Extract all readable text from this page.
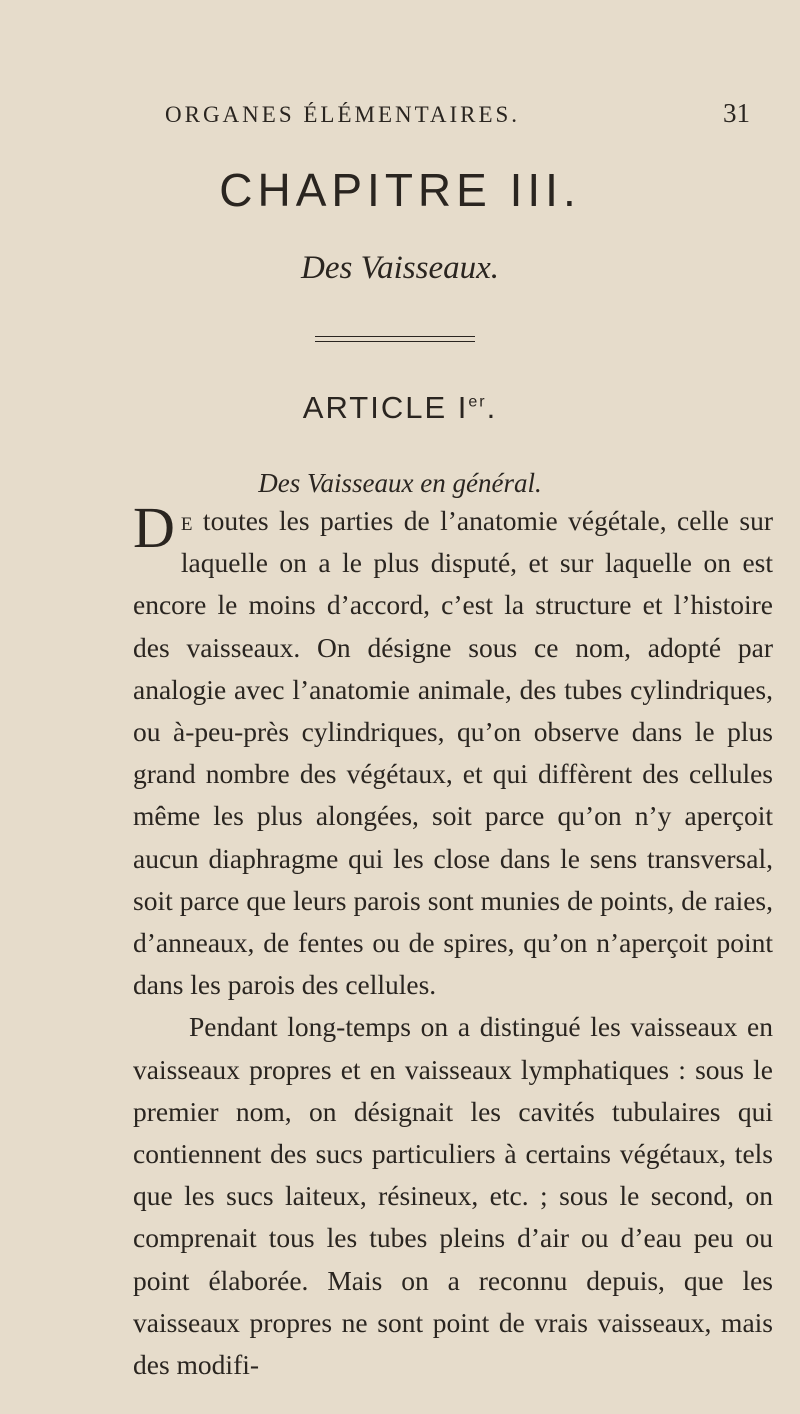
ORGANES ÉLÉMENTAIRES.	31
CHAPITRE III.
Des Vaisseaux.
ARTICLE Ier.
Des Vaisseaux en général.

De toutes les parties de l’anatomie végétale, celle sur laquelle on a le plus disputé, et sur laquelle on est encore le moins d’accord, c’est la structure et l’histoire des vaisseaux. On désigne sous ce nom, adopté par analogie avec l’anatomie animale, des tubes cylindriques, ou à-peu-près cylindriques, qu’on observe dans le plus grand nombre des végétaux, et qui diffèrent des cellules même les plus alongées, soit parce qu’on n’y aperçoit aucun diaphragme qui les close dans le sens transversal, soit parce que leurs parois sont munies de points, de raies, d’anneaux, de fentes ou de spires, qu’on n’aperçoit point dans les parois des cellules.

Pendant long-temps on a distingué les vaisseaux en vaisseaux propres et en vaisseaux lymphatiques : sous le premier nom, on désignait les cavités tubulaires qui contiennent des sucs particuliers à certains végétaux, tels que les sucs laiteux, résineux, etc. ; sous le second, on comprenait tous les tubes pleins d’air ou d’eau peu ou point élaborée. Mais on a reconnu depuis, que les vaisseaux propres ne sont point de vrais vaisseaux, mais des modifi-
